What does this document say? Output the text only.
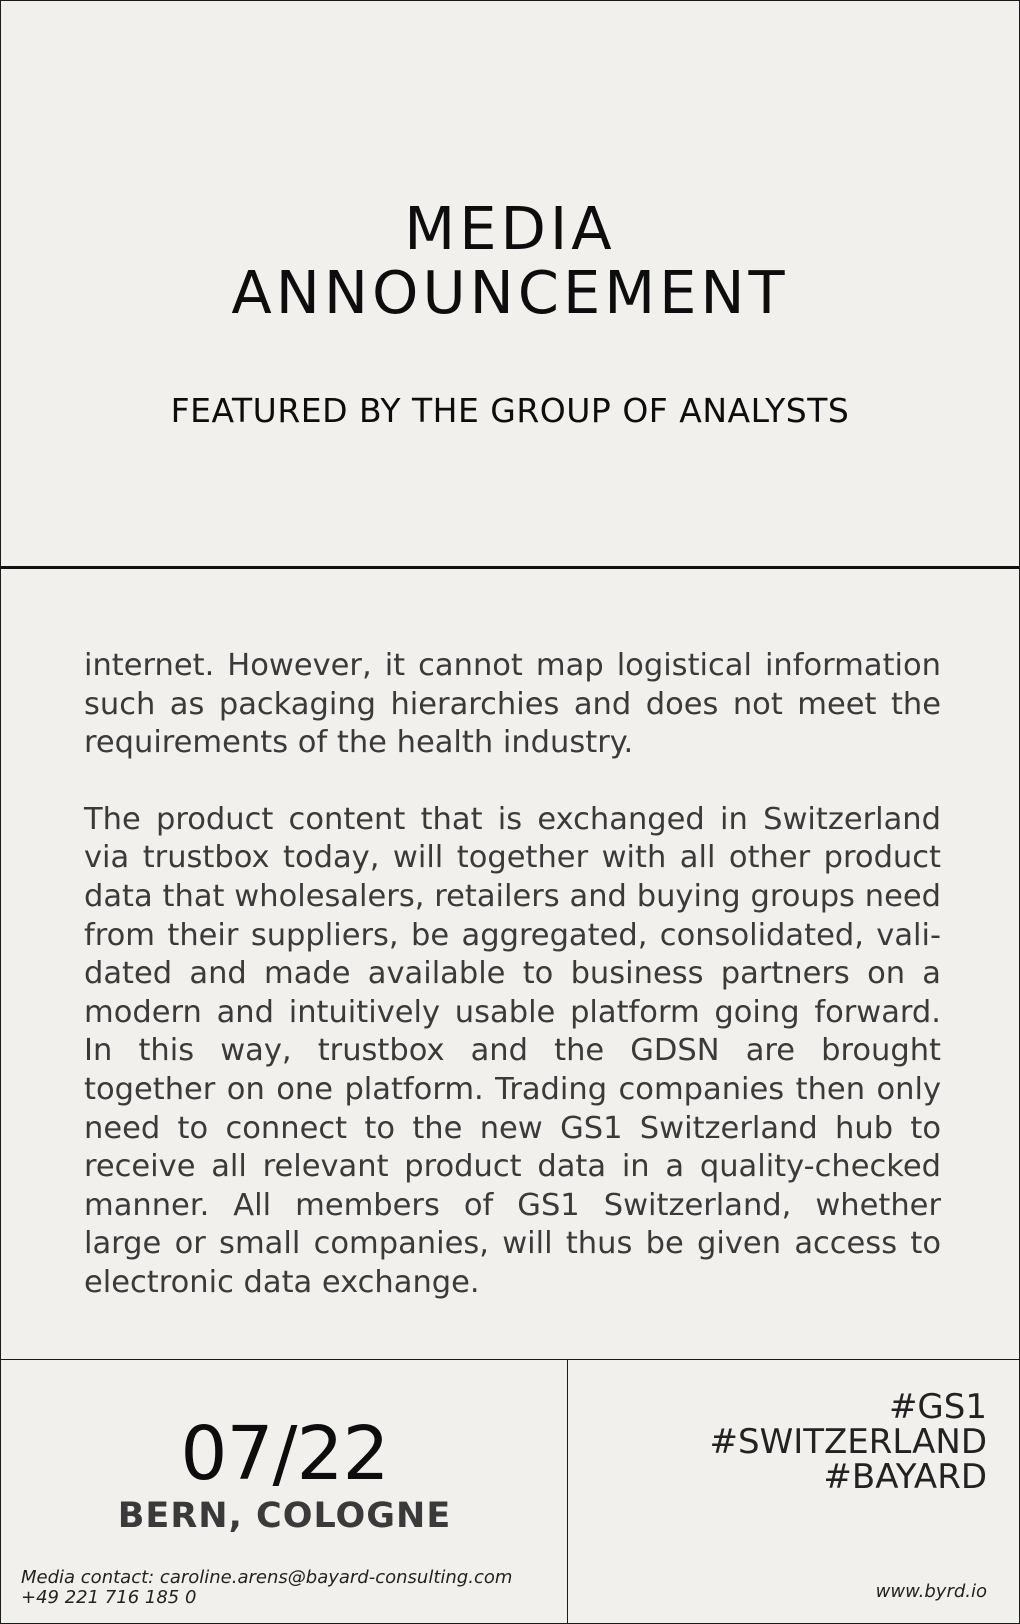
MEDIA
ANNOUNCEMENT
FEATURED BY THE GROUP OF ANALYSTS

internet. However, it cannot map logistical information such as packaging hierarchies and does not meet the requirements of the health industry.

The product content that is exchanged in Switzerland via trustbox today, will together with all other product data that wholesalers, retailers and buying groups need from their suppliers, be aggregated, consolidated, validated and made available to business partners on a modern and intuitively usable platform going forward. In this way, trustbox and the GDSN are brought together on one platform. Trading companies then only need to connect to the new GS1 Switzerland hub to receive all relevant product data in a quality-checked manner. All members of GS1 Switzerland, whether large or small companies, will thus be given access to electronic data exchange.

07/22
BERN, COLOGNE
Media contact: caroline.arens@bayard-consulting.com
+49 221 716 185 0
#GS1
#SWITZERLAND
#BAYARD
www.byrd.io
